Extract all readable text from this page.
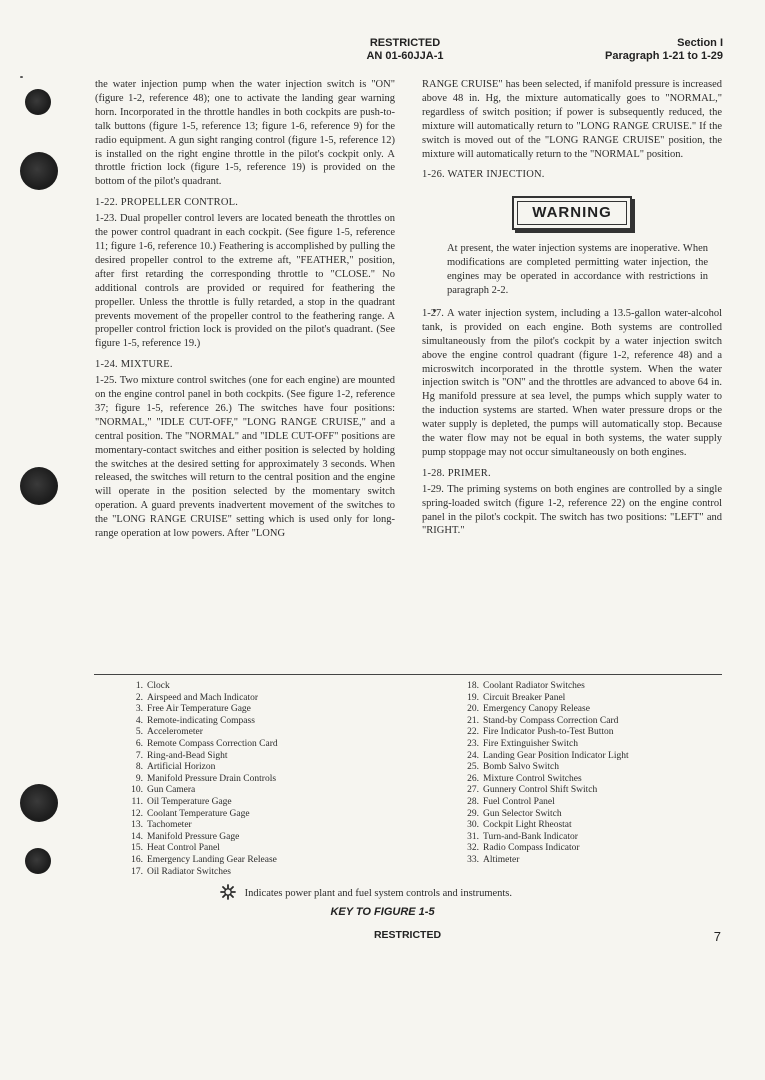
RESTRICTED
AN 01-60JJA-1
Section I
Paragraph 1-21 to 1-29

the water injection pump when the water injection switch is "ON" (figure 1-2, reference 48); one to activate the landing gear warning horn. Incorporated in the throttle handles in both cockpits are push-to-talk buttons (figure 1-5, reference 13; figure 1-6, reference 9) for the radio equipment. A gun sight ranging control (figure 1-5, reference 12) is installed on the right engine throttle in the pilot's cockpit only. A throttle friction lock (figure 1-5, reference 19) is provided on the bottom of the pilot's quadrant.

1-22. PROPELLER CONTROL.

1-23. Dual propeller control levers are located beneath the throttles on the power control quadrant in each cockpit. (See figure 1-5, reference 11; figure 1-6, reference 10.) Feathering is accomplished by pulling the desired propeller control to the extreme aft, "FEATHER," position, after first retarding the corresponding throttle to "CLOSE." No additional controls are provided or required for feathering the propeller. Unless the throttle is fully retarded, a stop in the quadrant prevents movement of the propeller control to the feathering range. A propeller control friction lock is provided on the pilot's quadrant. (See figure 1-5, reference 19.)

1-24. MIXTURE.

1-25. Two mixture control switches (one for each engine) are mounted on the engine control panel in both cockpits. (See figure 1-2, reference 37; figure 1-5, reference 26.) The switches have four positions: "NORMAL," "IDLE CUT-OFF," "LONG RANGE CRUISE," and a central position. The "NORMAL" and "IDLE CUT-OFF" positions are momentary-contact switches and either position is selected by holding the switches at the desired setting for approximately 3 seconds. When released, the switches will return to the central position and the engine will operate in the position selected by the momentary switch operation. A guard prevents inadvertent movement of the switches to the "LONG RANGE CRUISE" setting which is used only for long-range operation at low powers. After "LONG

RANGE CRUISE" has been selected, if manifold pressure is increased above 48 in. Hg, the mixture automatically goes to "NORMAL," regardless of switch position; if power is subsequently reduced, the mixture will automatically return to "LONG RANGE CRUISE." If the switch is moved out of the "LONG RANGE CRUISE" position, the mixture will automatically return to the "NORMAL" position.

1-26. WATER INJECTION.

WARNING

At present, the water injection systems are inoperative. When modifications are completed permitting water injection, the engines may be operated in accordance with restrictions in paragraph 2-2.

1-27. A water injection system, including a 13.5-gallon water-alcohol tank, is provided on each engine. Both systems are controlled simultaneously from the pilot's cockpit by a water injection switch above the engine control quadrant (figure 1-2, reference 48) and a microswitch incorporated in the throttle system. When the water injection switch is "ON" and the throttles are advanced to above 64 in. Hg manifold pressure at sea level, the pumps which supply water to the induction systems are started. When water pressure drops or the water supply is depleted, the pumps will automatically stop. Because the water flow may not be equal in both systems, the water supply pump stoppage may not occur simultaneously on both engines.

1-28. PRIMER.

1-29. The priming systems on both engines are controlled by a single spring-loaded switch (figure 1-2, reference 22) on the engine control panel in the pilot's cockpit. The switch has two positions: "LEFT" and "RIGHT."

1. Clock
2. Airspeed and Mach Indicator
3. Free Air Temperature Gage
4. Remote-indicating Compass
5. Accelerometer
6. Remote Compass Correction Card
7. Ring-and-Bead Sight
8. Artificial Horizon
9. Manifold Pressure Drain Controls
10. Gun Camera
11. Oil Temperature Gage
12. Coolant Temperature Gage
13. Tachometer
14. Manifold Pressure Gage
15. Heat Control Panel
16. Emergency Landing Gear Release
17. Oil Radiator Switches
18. Coolant Radiator Switches
19. Circuit Breaker Panel
20. Emergency Canopy Release
21. Stand-by Compass Correction Card
22. Fire Indicator Push-to-Test Button
23. Fire Extinguisher Switch
24. Landing Gear Position Indicator Light
25. Bomb Salvo Switch
26. Mixture Control Switches
27. Gunnery Control Shift Switch
28. Fuel Control Panel
29. Gun Selector Switch
30. Cockpit Light Rheostat
31. Turn-and-Bank Indicator
32. Radio Compass Indicator
33. Altimeter
Indicates power plant and fuel system controls and instruments.
KEY TO FIGURE 1-5
RESTRICTED	7
